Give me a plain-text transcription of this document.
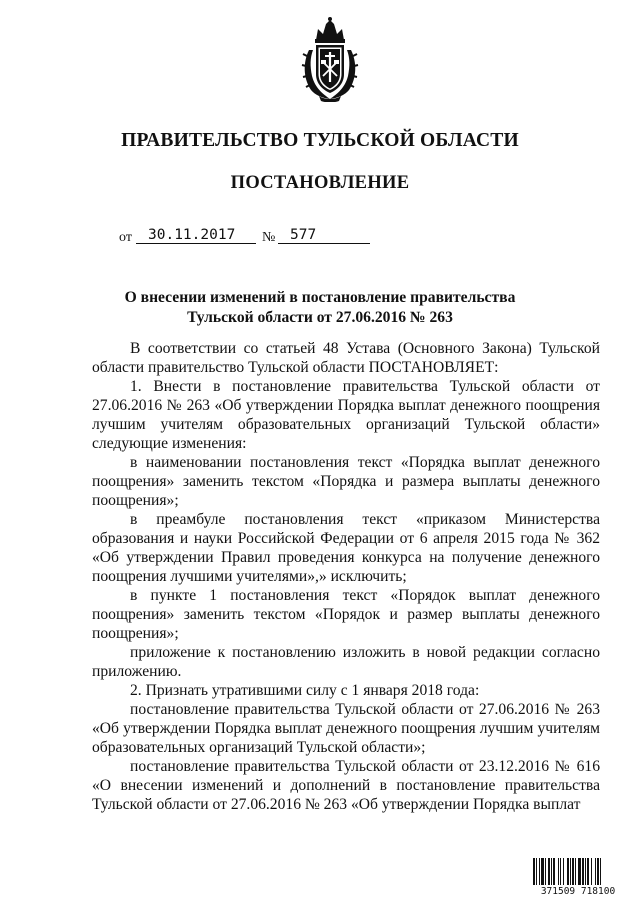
ПРАВИТЕЛЬСТВО ТУЛЬСКОЙ ОБЛАСТИ
ПОСТАНОВЛЕНИЕ
от	30.11.2017	№	577
О внесении изменений в постановление правительства
Тульской области от 27.06.2016 № 263

В соответствии со статьей 48 Устава (Основного Закона) Тульской области правительство Тульской области ПОСТАНОВЛЯЕТ:

1. Внести в постановление правительства Тульской области от 27.06.2016 № 263 «Об утверждении Порядка выплат денежного поощрения лучшим учителям образовательных организаций Тульской области» следующие изменения:

в наименовании постановления текст «Порядка выплат денежного поощрения» заменить текстом «Порядка и размера выплаты денежного поощрения»;

в преамбуле постановления текст «приказом Министерства образования и науки Российской Федерации от 6 апреля 2015 года № 362 «Об утверждении Правил проведения конкурса на получение денежного поощрения лучшими учителями»,» исключить;

в пункте 1 постановления текст «Порядок выплат денежного поощрения» заменить текстом «Порядок и размер выплаты денежного поощрения»;

приложение к постановлению изложить в новой редакции согласно приложению.

2. Признать утратившими силу с 1 января 2018 года:

постановление правительства Тульской области от 27.06.2016 № 263 «Об утверждении Порядка выплат денежного поощрения лучшим учителям образовательных организаций Тульской области»;

постановление правительства Тульской области от 23.12.2016 № 616 «О внесении изменений и дополнений в постановление правительства Тульской области от 27.06.2016 № 263 «Об утверждении Порядка выплат

371509 718100
